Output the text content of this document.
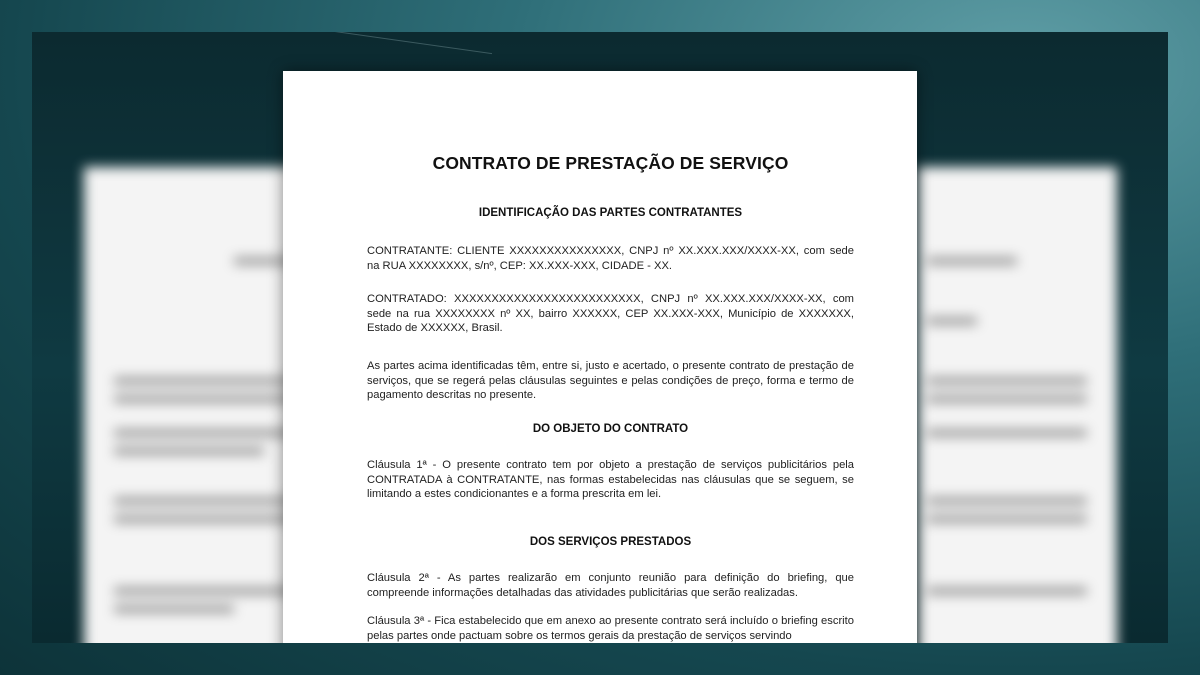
CONTRATO DE PRESTAÇÃO DE SERVIÇO
IDENTIFICAÇÃO DAS PARTES CONTRATANTES
CONTRATANTE: CLIENTE XXXXXXXXXXXXXXX, CNPJ nº XX.XXX.XXX/XXXX-XX, com sede na RUA XXXXXXXX, s/nº, CEP: XX.XXX-XXX, CIDADE - XX.
CONTRATADO: XXXXXXXXXXXXXXXXXXXXXXXXX, CNPJ nº XX.XXX.XXX/XXXX-XX, com sede na rua XXXXXXXX nº XX, bairro XXXXXX, CEP XX.XXX-XXX, Município de XXXXXXX, Estado de XXXXXX, Brasil.
As partes acima identificadas têm, entre si, justo e acertado, o presente contrato de prestação de serviços, que se regerá pelas cláusulas seguintes e pelas condições de preço, forma e termo de pagamento descritas no presente.
DO OBJETO DO CONTRATO
Cláusula 1ª - O presente contrato tem por objeto a prestação de serviços publicitários pela CONTRATADA à CONTRATANTE, nas formas estabelecidas nas cláusulas que se seguem, se limitando a estes condicionantes e a forma prescrita em lei.
DOS SERVIÇOS PRESTADOS
Cláusula 2ª - As partes realizarão em conjunto reunião para definição do briefing, que compreende informações detalhadas das atividades publicitárias que serão realizadas.
Cláusula 3ª - Fica estabelecido que em anexo ao presente contrato será incluído o briefing escrito pelas partes onde pactuam sobre os termos gerais da prestação de serviços servindo
